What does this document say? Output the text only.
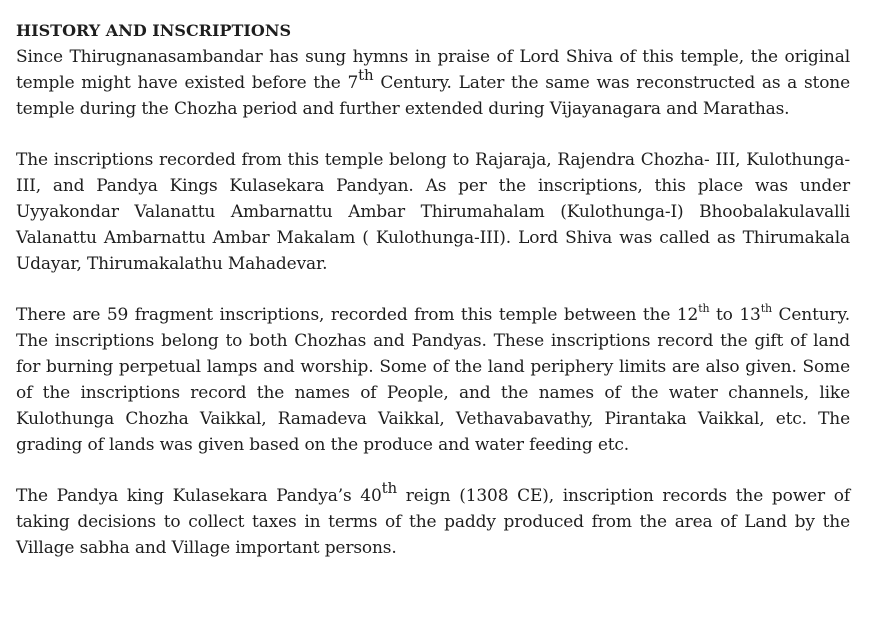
HISTORY AND INSCRIPTIONS

Since Thirugnanasambandar has sung hymns in praise of Lord Shiva of this temple, the original temple might have existed before the 7th Century. Later the same was reconstructed as a stone temple during the Chozha period and further extended during Vijayanagara and Marathas.

The inscriptions recorded from this temple belong to Rajaraja, Rajendra Chozha- III, Kulothunga-III, and Pandya Kings Kulasekara Pandyan. As per the inscriptions, this place was under Uyyakondar Valanattu Ambarnattu Ambar Thirumahalam (Kulothunga-I) Bhoobalakulavalli Valanattu Ambarnattu Ambar Makalam ( Kulothunga-III). Lord Shiva was called as Thirumakala Udayar, Thirumakalathu Mahadevar.

There are 59 fragment inscriptions, recorded from this temple between the 12th to 13th Century. The inscriptions belong to both Chozhas and Pandyas. These inscriptions record the gift of land for burning perpetual lamps and worship. Some of the land periphery limits are also given. Some of the inscriptions record the names of People, and the names of the water channels, like Kulothunga Chozha Vaikkal, Ramadeva Vaikkal, Vethavabavathy, Pirantaka Vaikkal, etc. The grading of lands was given based on the produce and water feeding etc.

The Pandya king Kulasekara Pandya’s 40th reign (1308 CE), inscription records the power of taking decisions to collect taxes in terms of the paddy produced from the area of Land by the Village sabha and Village important persons.
